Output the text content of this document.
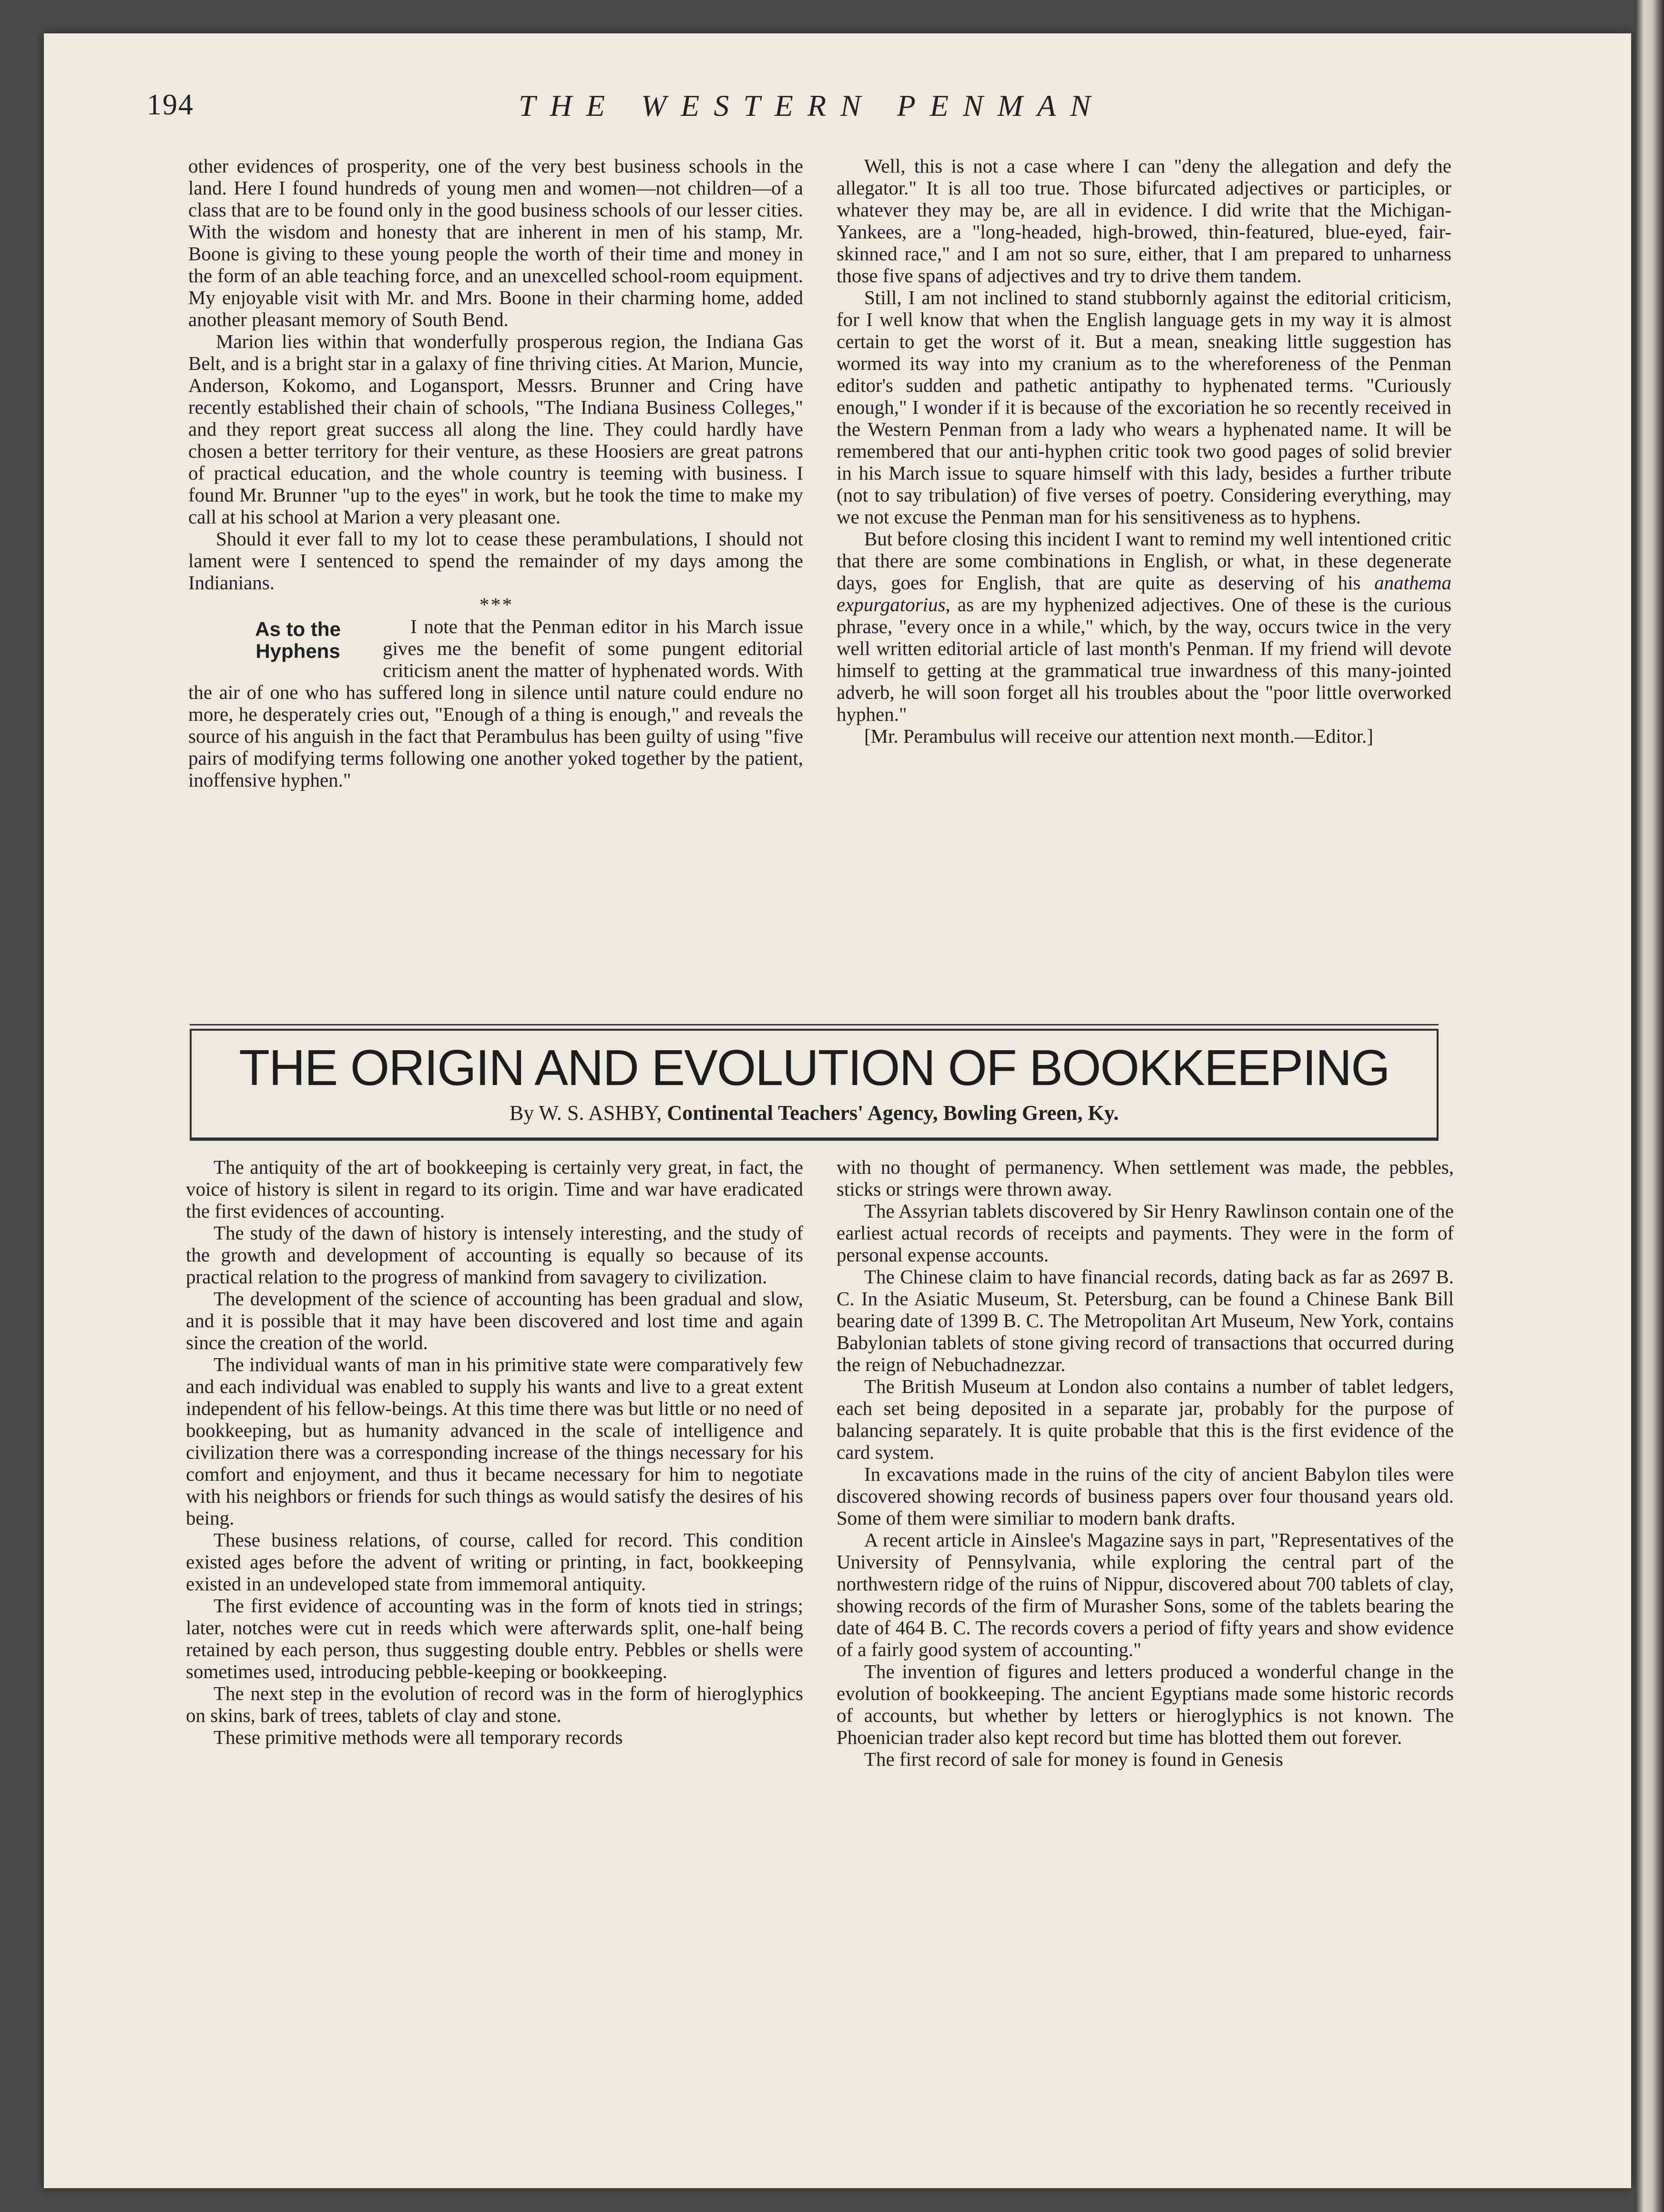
194	THE WESTERN PENMAN

other evidences of prosperity, one of the very best business schools in the land. Here I found hundreds of young men and women—not children—of a class that are to be found only in the good business schools of our lesser cities. With the wisdom and honesty that are inherent in men of his stamp, Mr. Boone is giving to these young people the worth of their time and money in the form of an able teaching force, and an unexcelled school-room equipment. My enjoyable visit with Mr. and Mrs. Boone in their charming home, added another pleasant memory of South Bend.

Marion lies within that wonderfully prosperous region, the Indiana Gas Belt, and is a bright star in a galaxy of fine thriving cities. At Marion, Muncie, Anderson, Kokomo, and Logansport, Messrs. Brunner and Cring have recently established their chain of schools, "The Indiana Business Colleges," and they report great success all along the line. They could hardly have chosen a better territory for their venture, as these Hoosiers are great patrons of practical education, and the whole country is teeming with business. I found Mr. Brunner "up to the eyes" in work, but he took the time to make my call at his school at Marion a very pleasant one.

Should it ever fall to my lot to cease these perambulations, I should not lament were I sentenced to spend the remainder of my days among the Indianians.

* * *

As to the Hyphens

I note that the Penman editor in his March issue gives me the benefit of some pungent editorial criticism anent the matter of hyphenated words. With the air of one who has suffered long in silence until nature could endure no more, he desperately cries out, "Enough of a thing is enough," and reveals the source of his anguish in the fact that Perambulus has been guilty of using "five pairs of modifying terms following one another yoked together by the patient, inoffensive hyphen."

Well, this is not a case where I can "deny the allegation and defy the allegator." It is all too true. Those bifurcated adjectives or participles, or whatever they may be, are all in evidence. I did write that the Michigan-Yankees, are a "long-headed, high-browed, thin-featured, blue-eyed, fair-skinned race," and I am not so sure, either, that I am prepared to unharness those five spans of adjectives and try to drive them tandem.

Still, I am not inclined to stand stubbornly against the editorial criticism, for I well know that when the English language gets in my way it is almost certain to get the worst of it. But a mean, sneaking little suggestion has wormed its way into my cranium as to the whereforeness of the Penman editor's sudden and pathetic antipathy to hyphenated terms. "Curiously enough," I wonder if it is because of the excoriation he so recently received in the Western Penman from a lady who wears a hyphenated name. It will be remembered that our anti-hyphen critic took two good pages of solid brevier in his March issue to square himself with this lady, besides a further tribute (not to say tribulation) of five verses of poetry. Considering everything, may we not excuse the Penman man for his sensitiveness as to hyphens.

But before closing this incident I want to remind my well intentioned critic that there are some combinations in English, or what, in these degenerate days, goes for English, that are quite as deserving of his anathema expurgatorius, as are my hyphenized adjectives. One of these is the curious phrase, "every once in a while," which, by the way, occurs twice in the very well written editorial article of last month's Penman. If my friend will devote himself to getting at the grammatical true inwardness of this many-jointed adverb, he will soon forget all his troubles about the "poor little overworked hyphen."

[Mr. Perambulus will receive our attention next month.—Editor.]

THE ORIGIN AND EVOLUTION OF BOOKKEEPING
By W. S. ASHBY, Continental Teachers' Agency, Bowling Green, Ky.

The antiquity of the art of bookkeeping is certainly very great, in fact, the voice of history is silent in regard to its origin. Time and war have eradicated the first evidences of accounting.

The study of the dawn of history is intensely interesting, and the study of the growth and development of accounting is equally so because of its practical relation to the progress of mankind from savagery to civilization.

The development of the science of accounting has been gradual and slow, and it is possible that it may have been discovered and lost time and again since the creation of the world.

The individual wants of man in his primitive state were comparatively few and each individual was enabled to supply his wants and live to a great extent independent of his fellow-beings. At this time there was but little or no need of bookkeeping, but as humanity advanced in the scale of intelligence and civilization there was a corresponding increase of the things necessary for his comfort and enjoyment, and thus it became necessary for him to negotiate with his neighbors or friends for such things as would satisfy the desires of his being.

These business relations, of course, called for record. This condition existed ages before the advent of writing or printing, in fact, bookkeeping existed in an undeveloped state from immemoral antiquity.

The first evidence of accounting was in the form of knots tied in strings; later, notches were cut in reeds which were afterwards split, one-half being retained by each person, thus suggesting double entry. Pebbles or shells were sometimes used, introducing pebble-keeping or bookkeeping.

The next step in the evolution of record was in the form of hieroglyphics on skins, bark of trees, tablets of clay and stone.

These primitive methods were all temporary records

with no thought of permanency. When settlement was made, the pebbles, sticks or strings were thrown away.

The Assyrian tablets discovered by Sir Henry Rawlinson contain one of the earliest actual records of receipts and payments. They were in the form of personal expense accounts.

The Chinese claim to have financial records, dating back as far as 2697 B. C. In the Asiatic Museum, St. Petersburg, can be found a Chinese Bank Bill bearing date of 1399 B. C. The Metropolitan Art Museum, New York, contains Babylonian tablets of stone giving record of transactions that occurred during the reign of Nebuchadnezzar.

The British Museum at London also contains a number of tablet ledgers, each set being deposited in a separate jar, probably for the purpose of balancing separately. It is quite probable that this is the first evidence of the card system.

In excavations made in the ruins of the city of ancient Babylon tiles were discovered showing records of business papers over four thousand years old. Some of them were similiar to modern bank drafts.

A recent article in Ainslee's Magazine says in part, "Representatives of the University of Pennsylvania, while exploring the central part of the northwestern ridge of the ruins of Nippur, discovered about 700 tablets of clay, showing records of the firm of Murasher Sons, some of the tablets bearing the date of 464 B. C. The records covers a period of fifty years and show evidence of a fairly good system of accounting."

The invention of figures and letters produced a wonderful change in the evolution of bookkeeping. The ancient Egyptians made some historic records of accounts, but whether by letters or hieroglyphics is not known. The Phoenician trader also kept record but time has blotted them out forever.

The first record of sale for money is found in Genesis
